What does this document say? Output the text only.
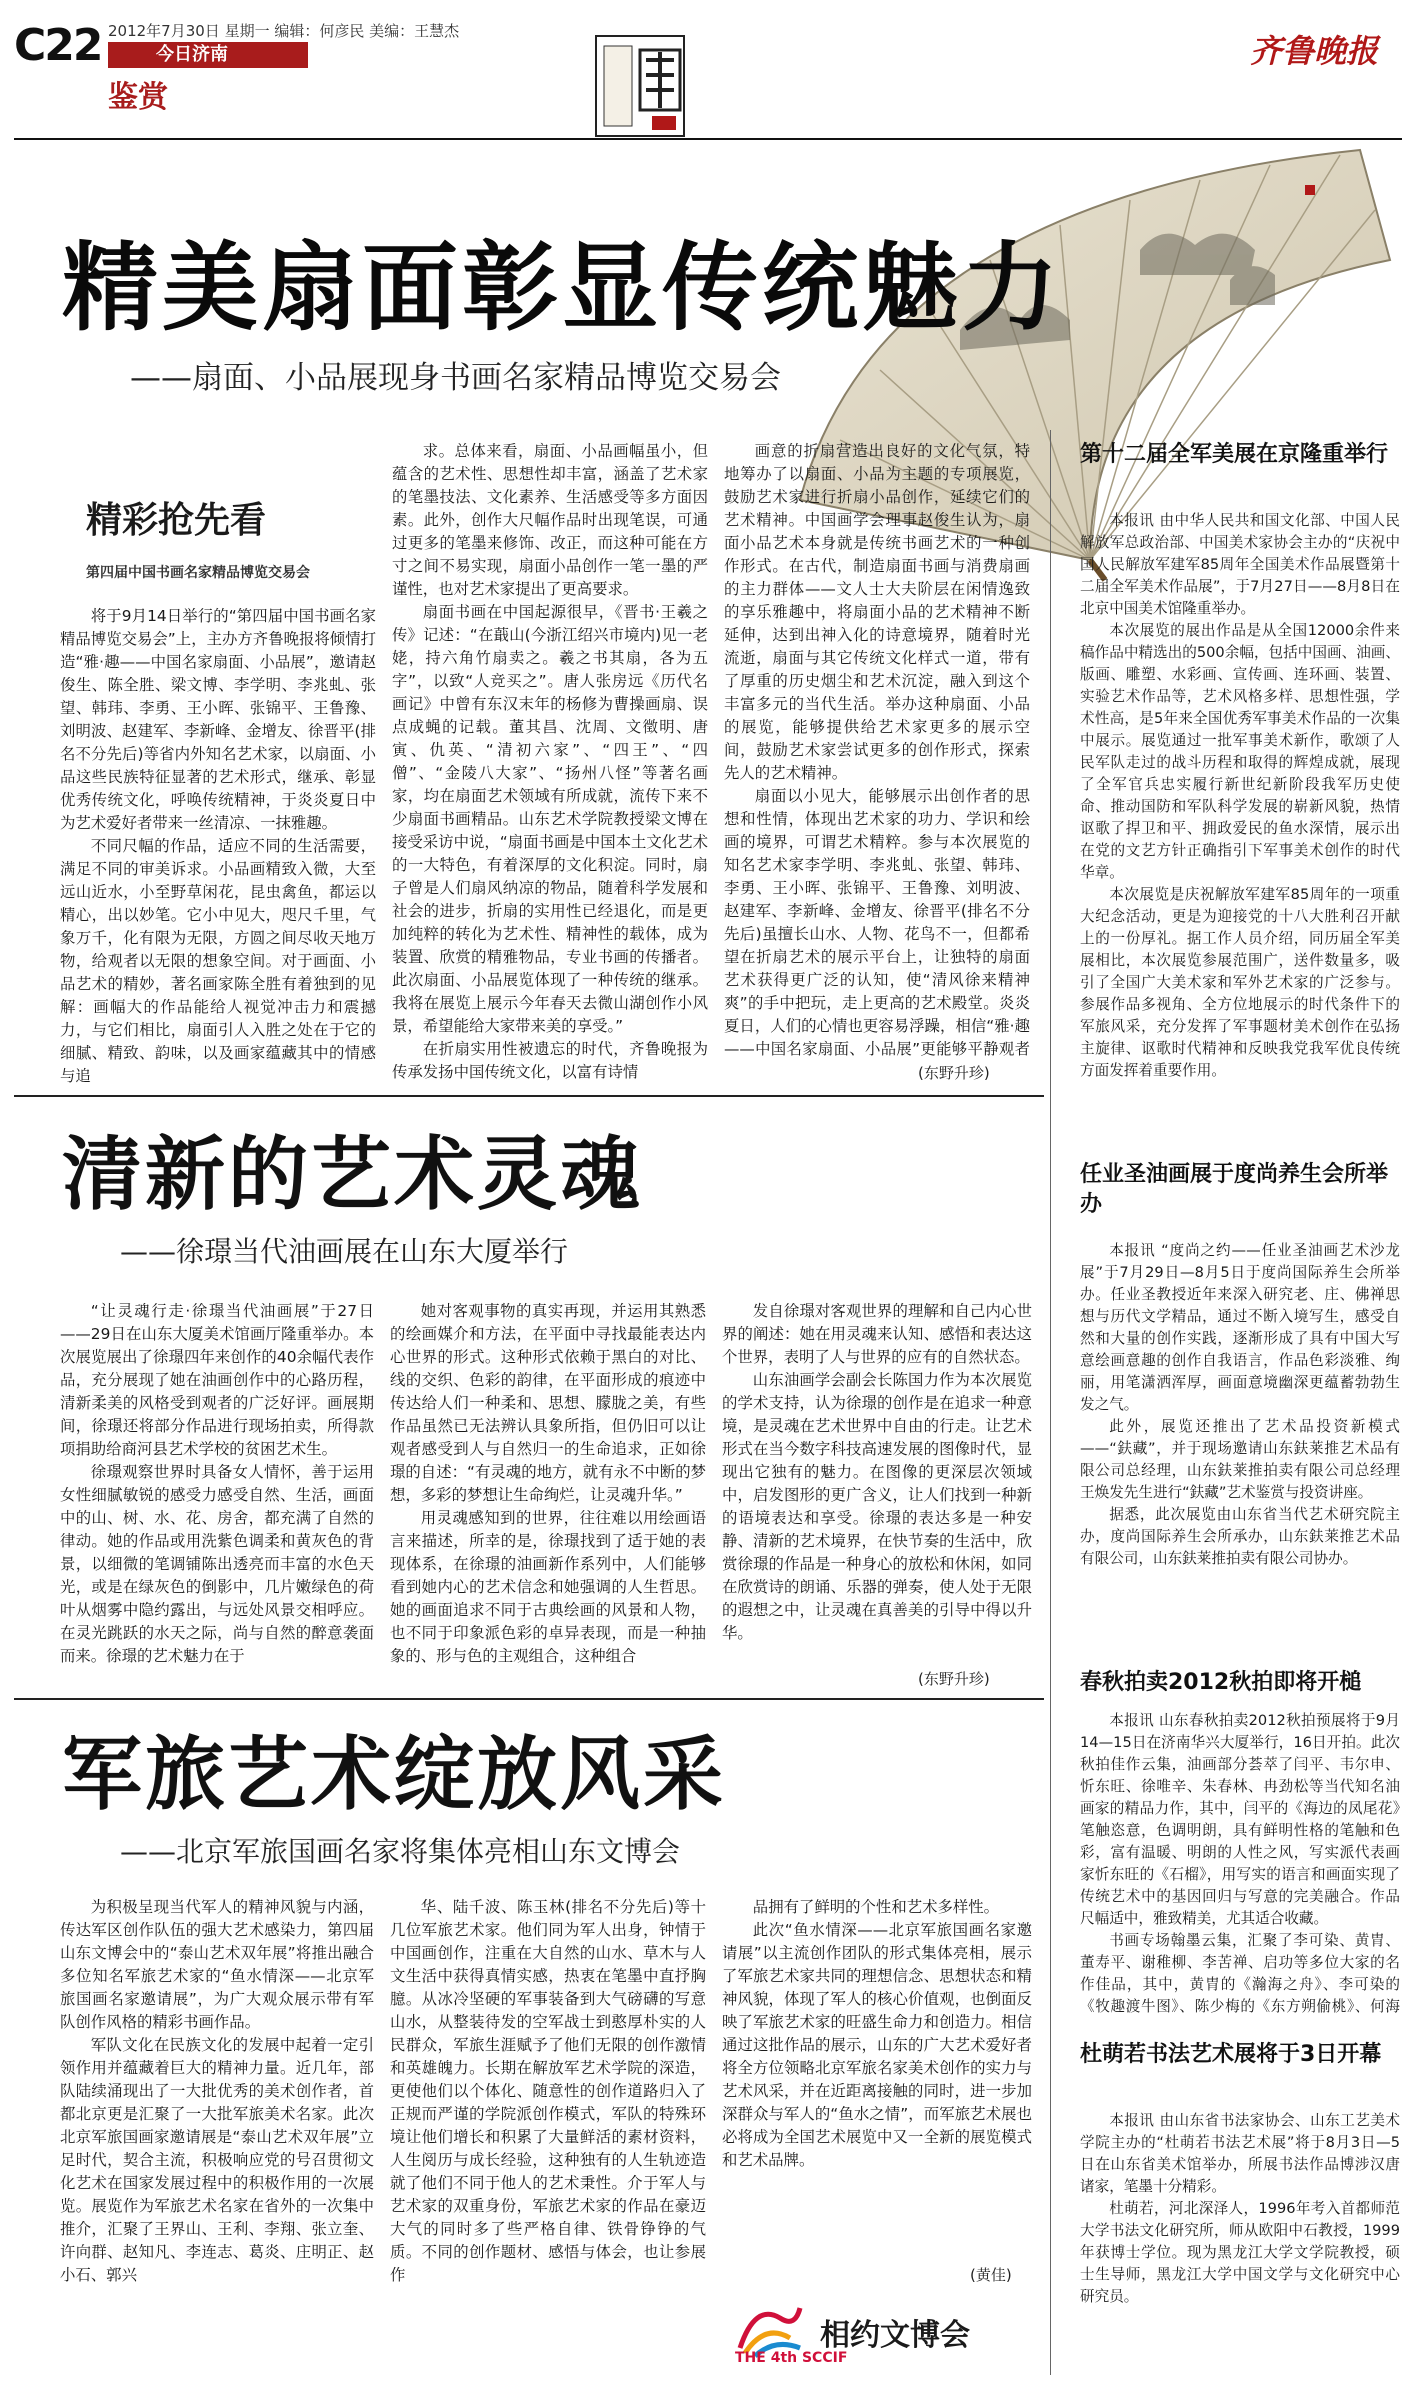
C22 2012年7月30日 星期一 编辑：何彦民 美编：王慧杰
今日济南
鉴赏
齐鲁晚报
精美扇面彰显传统魅力
——扇面、小品展现身书画名家精品博览交易会
精彩抢先看
第四届中国书画名家精品博览交易会

将于9月14日举行的“第四届中国书画名家精品博览交易会”上，主办方齐鲁晚报将倾情打造“雅·趣——中国名家扇面、小品展”，邀请赵俊生、陈全胜、梁文博、李学明、李兆虬、张望、韩玮、李勇、王小晖、张锦平、王鲁豫、刘明波、赵建军、李新峰、金增友、徐晋平(排名不分先后)等省内外知名艺术家，以扇面、小品这些民族特征显著的艺术形式，继承、彰显优秀传统文化，呼唤传统精神，于炎炎夏日中为艺术爱好者带来一丝清凉、一抹雅趣。

不同尺幅的作品，适应不同的生活需要，满足不同的审美诉求。小品画精致入微，大至远山近水，小至野草闲花，昆虫禽鱼，都运以精心，出以妙笔。它小中见大，咫尺千里，气象万千，化有限为无限，方圆之间尽收天地万物，给观者以无限的想象空间。对于画面、小品艺术的精妙，著名画家陈全胜有着独到的见解：画幅大的作品能给人视觉冲击力和震撼力，与它们相比，扇面引人入胜之处在于它的细腻、精致、韵味，以及画家蕴藏其中的情感与追

求。总体来看，扇面、小品画幅虽小，但蕴含的艺术性、思想性却丰富，涵盖了艺术家的笔墨技法、文化素养、生活感受等多方面因素。此外，创作大尺幅作品时出现笔误，可通过更多的笔墨来修饰、改正，而这种可能在方寸之间不易实现，扇面小品创作一笔一墨的严谨性，也对艺术家提出了更高要求。

扇面书画在中国起源很早，《晋书·王羲之传》记述：“在蕺山(今浙江绍兴市境内)见一老姥，持六角竹扇卖之。羲之书其扇，各为五字”，以致“人竞买之”。唐人张房远《历代名画记》中曾有东汉末年的杨修为曹操画扇、误点成蝇的记载。董其昌、沈周、文徵明、唐寅、仇英、“清初六家”、“四王”、“四僧”、“金陵八大家”、“扬州八怪”等著名画家，均在扇面艺术领域有所成就，流传下来不少扇面书画精品。山东艺术学院教授梁文博在接受采访中说，“扇面书画是中国本土文化艺术的一大特色，有着深厚的文化积淀。同时，扇子曾是人们扇风纳凉的物品，随着科学发展和社会的进步，折扇的实用性已经退化，而是更加纯粹的转化为艺术性、精神性的载体，成为装置、欣赏的精雅物品，专业书画的传播者。此次扇面、小品展览体现了一种传统的继承。我将在展览上展示今年春天去微山湖创作小风景，希望能给大家带来美的享受。”

在折扇实用性被遗忘的时代，齐鲁晚报为传承发扬中国传统文化，以富有诗情

画意的折扇营造出良好的文化气氛，特地筹办了以扇面、小品为主题的专项展览，鼓励艺术家进行折扇小品创作，延续它们的艺术精神。中国画学会理事赵俊生认为，扇面小品艺术本身就是传统书画艺术的一种创作形式。在古代，制造扇面书画与消费扇画的主力群体——文人士大夫阶层在闲情逸致的享乐雅趣中，将扇面小品的艺术精神不断延伸，达到出神入化的诗意境界，随着时光流逝，扇面与其它传统文化样式一道，带有了厚重的历史烟尘和艺术沉淀，融入到这个丰富多元的当代生活。举办这种扇面、小品的展览，能够提供给艺术家更多的展示空间，鼓励艺术家尝试更多的创作形式，探索先人的艺术精神。

扇面以小见大，能够展示出创作者的思想和性情，体现出艺术家的功力、学识和绘画的境界，可谓艺术精粹。参与本次展览的知名艺术家李学明、李兆虬、张望、韩玮、李勇、王小晖、张锦平、王鲁豫、刘明波、赵建军、李新峰、金增友、徐晋平(排名不分先后)虽擅长山水、人物、花鸟不一，但都希望在折扇艺术的展示平台上，让独特的扇面艺术获得更广泛的认知，使“清风徐来精神爽”的手中把玩，走上更高的艺术殿堂。炎炎夏日，人们的心情也更容易浮躁，相信“雅·趣——中国名家扇面、小品展”更能够平静观者

(东野升珍)
清新的艺术灵魂
——徐璟当代油画展在山东大厦举行

“让灵魂行走·徐璟当代油画展”于27日——29日在山东大厦美术馆画厅隆重举办。本次展览展出了徐璟四年来创作的40余幅代表作品，充分展现了她在油画创作中的心路历程，清新柔美的风格受到观者的广泛好评。画展期间，徐璟还将部分作品进行现场拍卖，所得款项捐助给商河县艺术学校的贫困艺术生。

徐璟观察世界时具备女人情怀，善于运用女性细腻敏锐的感受力感受自然、生活，画面中的山、树、水、花、房舍，都充满了自然的律动。她的作品或用洗紫色调柔和黄灰色的背景，以细微的笔调铺陈出透亮而丰富的水色天光，或是在绿灰色的倒影中，几片嫩绿色的荷叶从烟雾中隐约露出，与远处风景交相呼应。在灵光跳跃的水天之际，尚与自然的醉意袭面而来。徐璟的艺术魅力在于

她对客观事物的真实再现，并运用其熟悉的绘画媒介和方法，在平面中寻找最能表达内心世界的形式。这种形式依赖于黑白的对比、线的交织、色彩的韵律，在平面形成的痕迹中传达给人们一种柔和、思想、朦胧之美，有些作品虽然已无法辨认具象所指，但仍旧可以让观者感受到人与自然归一的生命追求，正如徐璟的自述：“有灵魂的地方，就有永不中断的梦想，多彩的梦想让生命绚烂，让灵魂升华。”

用灵魂感知到的世界，往往难以用绘画语言来描述，所幸的是，徐璟找到了适于她的表现体系，在徐璟的油画新作系列中，人们能够看到她内心的艺术信念和她强调的人生哲思。她的画面追求不同于古典绘画的风景和人物，也不同于印象派色彩的卓异表现，而是一种抽象的、形与色的主观组合，这种组合

发自徐璟对客观世界的理解和自己内心世界的阐述：她在用灵魂来认知、感悟和表达这个世界，表明了人与世界的应有的自然状态。

山东油画学会副会长陈国力作为本次展览的学术支持，认为徐璟的创作是在追求一种意境，是灵魂在艺术世界中自由的行走。让艺术形式在当今数字科技高速发展的图像时代，显现出它独有的魅力。在图像的更深层次领域中，启发图形的更广含义，让人们找到一种新的语境表达和享受。徐璟的表达多是一种安静、清新的艺术境界，在快节奏的生活中，欣赏徐璟的作品是一种身心的放松和休闲，如同在欣赏诗的朗诵、乐器的弹奏，使人处于无限的遐想之中，让灵魂在真善美的引导中得以升华。

(东野升珍)
军旅艺术绽放风采
——北京军旅国画名家将集体亮相山东文博会

为积极呈现当代军人的精神风貌与内涵，传达军区创作队伍的强大艺术感染力，第四届山东文博会中的“泰山艺术双年展”将推出融合多位知名军旅艺术家的“鱼水情深——北京军旅国画名家邀请展”，为广大观众展示带有军队创作风格的精彩书画作品。

军队文化在民族文化的发展中起着一定引领作用并蕴藏着巨大的精神力量。近几年，部队陆续涌现出了一大批优秀的美术创作者，首都北京更是汇聚了一大批军旅美术名家。此次北京军旅国画家邀请展是“泰山艺术双年展”立足时代，契合主流，积极响应党的号召贯彻文化艺术在国家发展过程中的积极作用的一次展览。展览作为军旅艺术名家在省外的一次集中推介，汇聚了王界山、王利、李翔、张立奎、许向群、赵知凡、李连志、葛炎、庄明正、赵小石、郭兴

华、陆千波、陈玉林(排名不分先后)等十几位军旅艺术家。他们同为军人出身，钟情于中国画创作，注重在大自然的山水、草木与人文生活中获得真情实感，热衷在笔墨中直抒胸臆。从冰冷坚硬的军事装备到大气磅礴的写意山水，从整装待发的空军战士到憨厚朴实的人民群众，军旅生涯赋予了他们无限的创作激情和英雄魄力。长期在解放军艺术学院的深造，更使他们以个体化、随意性的创作道路归入了正规而严谨的学院派创作模式，军队的特殊环境让他们增长和积累了大量鲜活的素材资料，人生阅历与成长经验，这种独有的人生轨迹造就了他们不同于他人的艺术秉性。介于军人与艺术家的双重身份，军旅艺术家的作品在豪迈大气的同时多了些严格自律、铁骨铮铮的气质。不同的创作题材、感悟与体会，也让参展作

品拥有了鲜明的个性和艺术多样性。

此次“鱼水情深——北京军旅国画名家邀请展”以主流创作团队的形式集体亮相，展示了军旅艺术家共同的理想信念、思想状态和精神风貌，体现了军人的核心价值观，也倒面反映了军旅艺术家的旺盛生命力和创造力。相信通过这批作品的展示，山东的广大艺术爱好者将全方位领略北京军旅名家美术创作的实力与艺术风采，并在近距离接触的同时，进一步加深群众与军人的“鱼水之情”，而军旅艺术展也必将成为全国艺术展览中又一全新的展览模式和艺术品牌。

(黄佳)
相约文博会
THE 4th SCCIF
第十二届全军美展在京隆重举行

本报讯 由中华人民共和国文化部、中国人民解放军总政治部、中国美术家协会主办的“庆祝中国人民解放军建军85周年全国美术作品展暨第十二届全军美术作品展”，于7月27日——8月8日在北京中国美术馆隆重举办。

本次展览的展出作品是从全国12000余件来稿作品中精选出的500余幅，包括中国画、油画、版画、雕塑、水彩画、宣传画、连环画、装置、实验艺术作品等，艺术风格多样、思想性强，学术性高，是5年来全国优秀军事美术作品的一次集中展示。展览通过一批军事美术新作，歌颂了人民军队走过的战斗历程和取得的辉煌成就，展现了全军官兵忠实履行新世纪新阶段我军历史使命、推动国防和军队科学发展的崭新风貌，热情讴歌了捍卫和平、拥政爱民的鱼水深情，展示出在党的文艺方针正确指引下军事美术创作的时代华章。

本次展览是庆祝解放军建军85周年的一项重大纪念活动，更是为迎接党的十八大胜利召开献上的一份厚礼。据工作人员介绍，同历届全军美展相比，本次展览参展范围广，送件数量多，吸引了全国广大美术家和军外艺术家的广泛参与。参展作品多视角、全方位地展示的时代条件下的军旅风采，充分发挥了军事题材美术创作在弘扬主旋律、讴歌时代精神和反映我党我军优良传统方面发挥着重要作用。

任业圣油画展于度尚养生会所举办

本报讯 “度尚之约——任业圣油画艺术沙龙展”于7月29日—8月5日于度尚国际养生会所举办。任业圣教授近年来深入研究老、庄、佛禅思想与历代文学精品，通过不断入境写生，感受自然和大量的创作实践，逐渐形成了具有中国大写意绘画意趣的创作自我语言，作品色彩淡雅、绚丽，用笔潇洒浑厚，画面意境幽深更蕴蓄勃勃生发之气。

此外，展览还推出了艺术品投资新模式——“鈇藏”，并于现场邀请山东鈇莱推艺术品有限公司总经理，山东鈇莱推拍卖有限公司总经理王焕发先生进行“鈇藏”艺术鉴赏与投资讲座。

据悉，此次展览由山东省当代艺术研究院主办，度尚国际养生会所承办，山东鈇莱推艺术品有限公司，山东鈇莱推拍卖有限公司协办。

春秋拍卖2012秋拍即将开槌

本报讯 山东春秋拍卖2012秋拍预展将于9月14—15日在济南华兴大厦举行，16日开拍。此次秋拍佳作云集，油画部分荟萃了闫平、韦尔申、忻东旺、徐唯辛、朱春林、冉劲松等当代知名油画家的精品力作，其中，闫平的《海边的凤尾花》笔触恣意，色调明朗，具有鲜明性格的笔触和色彩，富有温暖、明朗的人性之风，写实派代表画家忻东旺的《石榴》，用写实的语言和画面实现了传统艺术中的基因回归与写意的完美融合。作品尺幅适中，雅致精美，尤其适合收藏。

书画专场翰墨云集，汇聚了李可染、黄胄、董寿平、谢稚柳、李苦禅、启功等多位大家的名作佳品，其中，黄胄的《瀚海之舟》、李可染的《牧趣渡牛图》、陈少梅的《东方朔偷桃》、何海

杜萌若书法艺术展将于3日开幕

本报讯 由山东省书法家协会、山东工艺美术学院主办的“杜萌若书法艺术展”将于8月3日—5日在山东省美术馆举办，所展书法作品博涉汉唐诸家，笔墨十分精彩。

杜萌若，河北深泽人，1996年考入首都师范大学书法文化研究所，师从欧阳中石教授，1999年获博士学位。现为黑龙江大学文学院教授，硕士生导师，黑龙江大学中国文学与文化研究中心研究员。
